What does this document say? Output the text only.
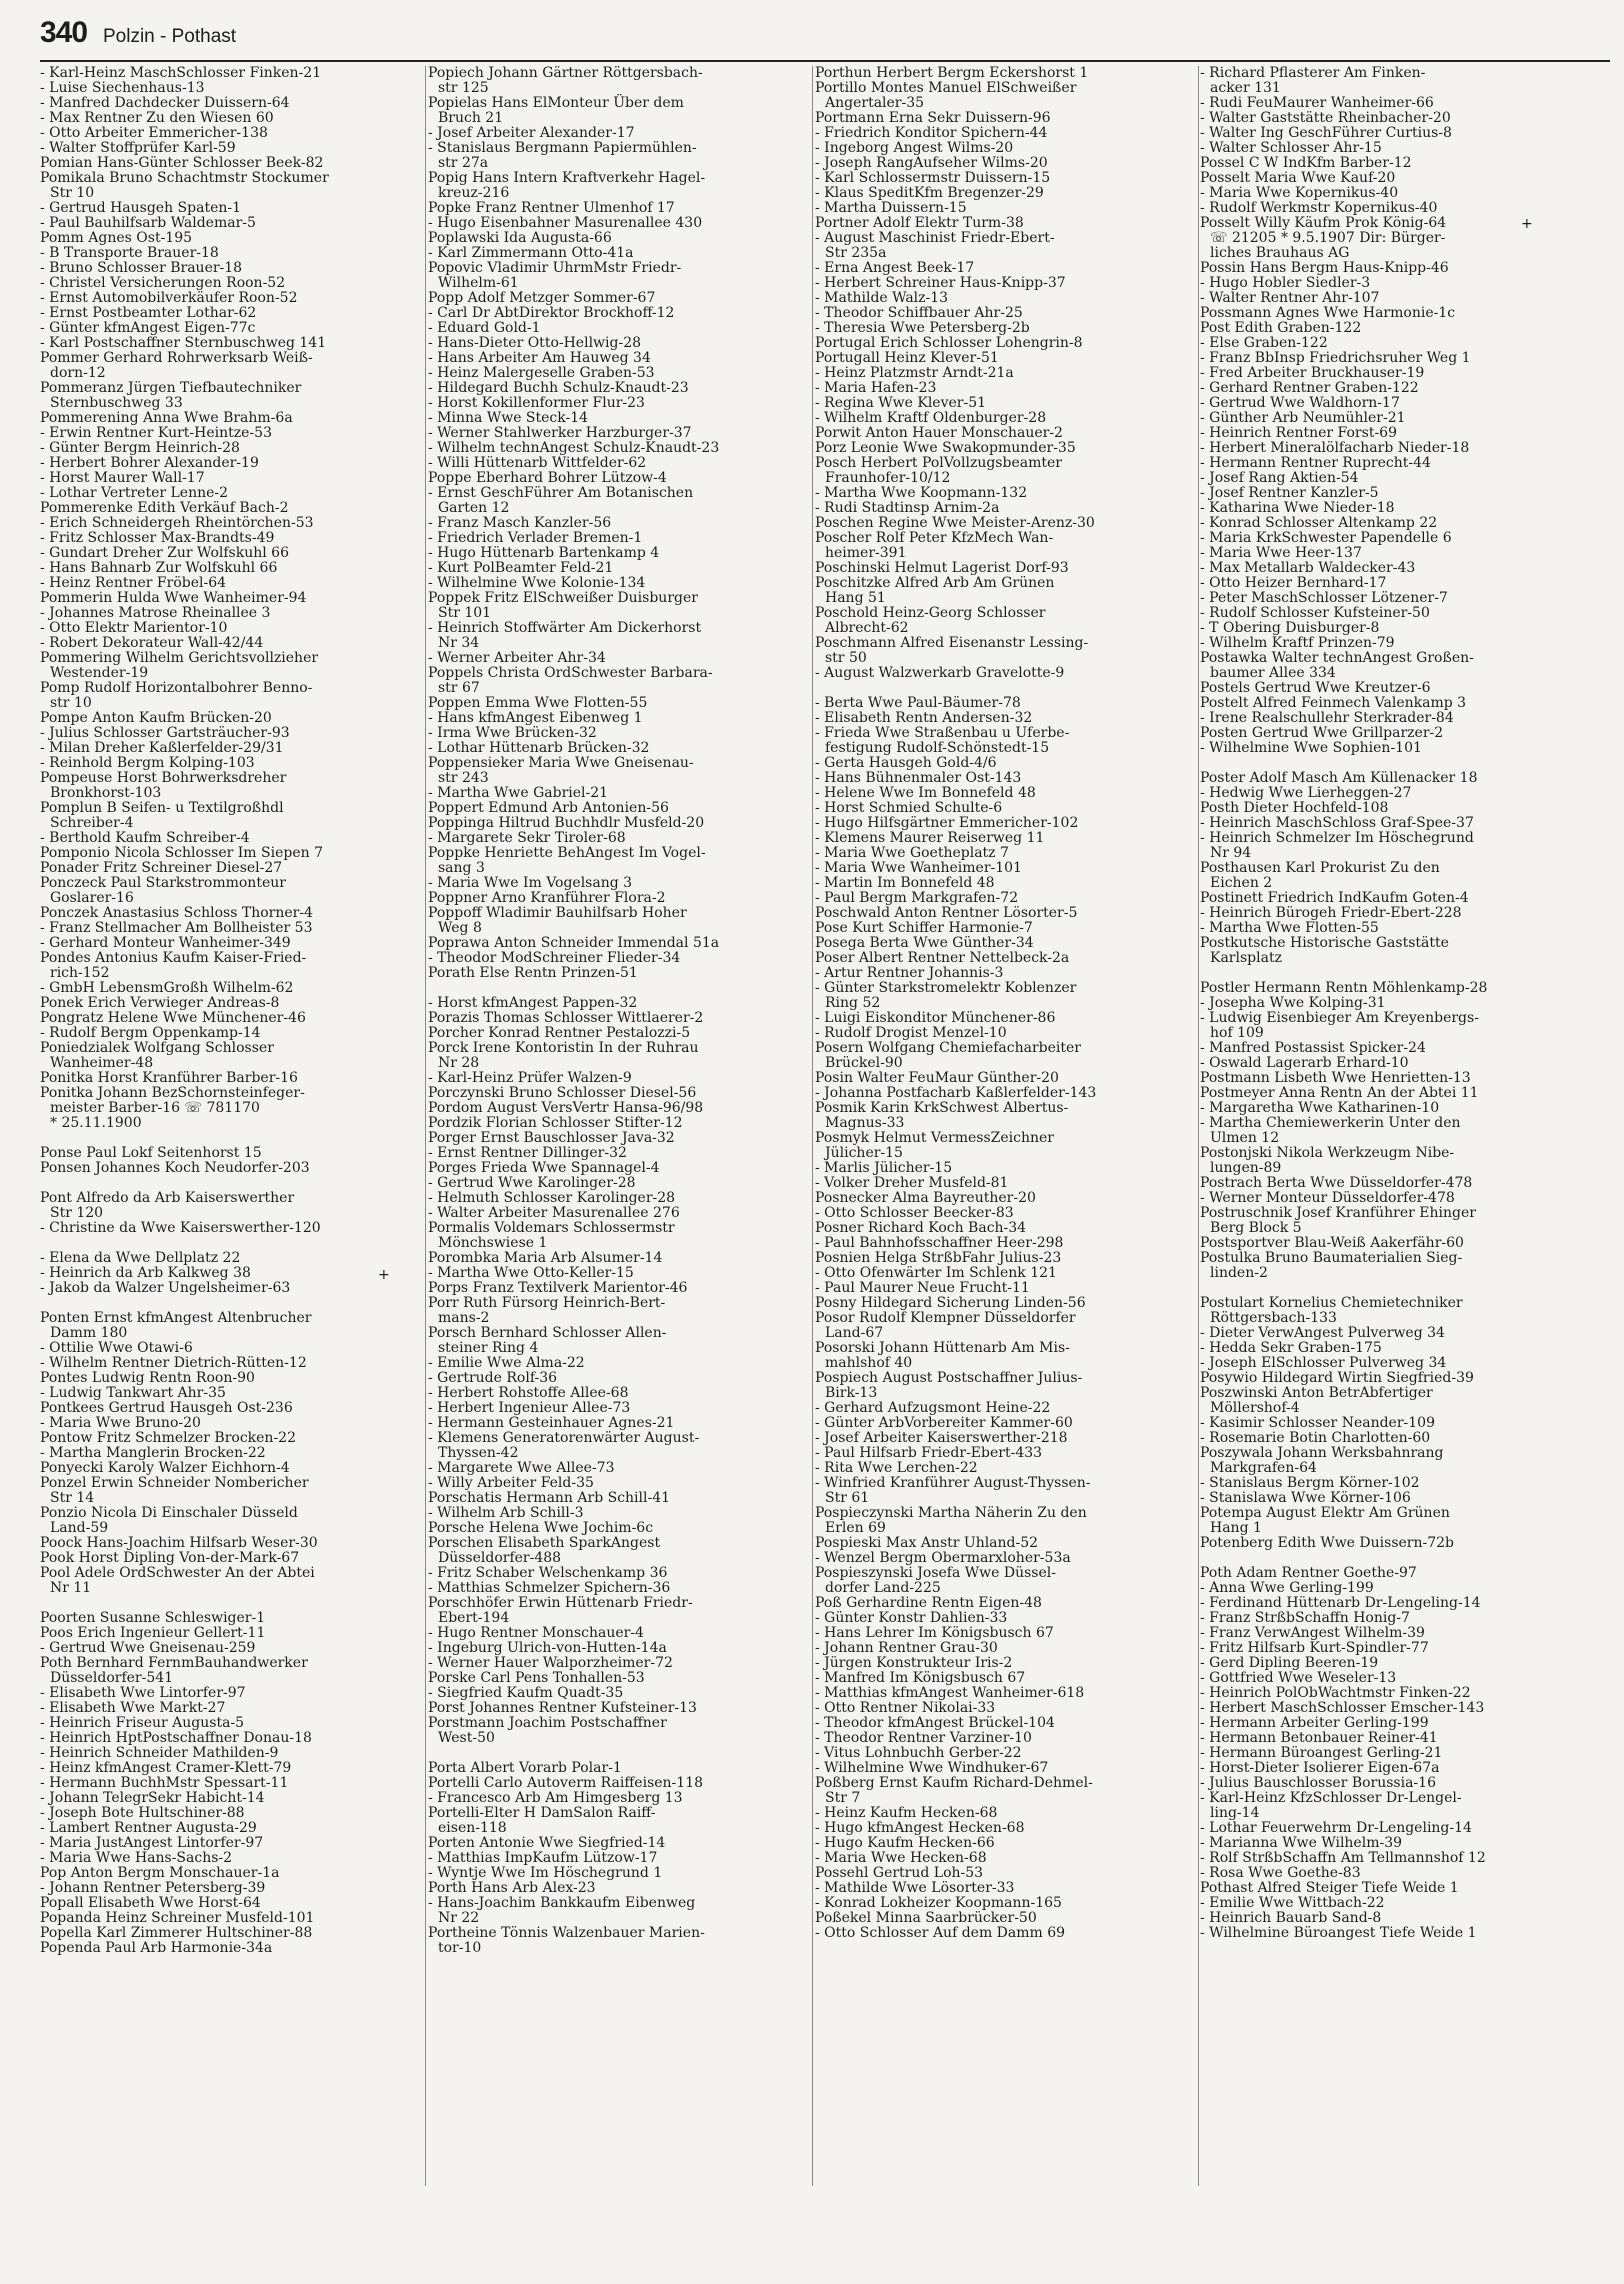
340 Polzin - Pothast
- Karl-Heinz MaschSchlosser Finken-21
- Luise Siechenhaus-13
- Manfred Dachdecker Duissern-64
- Max Rentner Zu den Wiesen 60
- Otto Arbeiter Emmericher-138
- Walter Stoffprüfer Karl-59
Pomian Hans-Günter Schlosser Beek-82
Pomikala Bruno Schachtmstr Stockumer
Str 10
- Gertrud Hausgeh Spaten-1
- Paul Bauhilfsarb Waldemar-5
Pomm Agnes Ost-195
- B Transporte Brauer-18
- Bruno Schlosser Brauer-18
- Christel Versicherungen Roon-52
- Ernst Automobilverkäufer Roon-52
- Ernst Postbeamter Lothar-62
- Günter kfmAngest Eigen-77c
- Karl Postschaffner Sternbuschweg 141
Pommer Gerhard Rohrwerksarb Weiß-
dorn-12
Pommeranz Jürgen Tiefbautechniker
Sternbuschweg 33
Pommerening Anna Wwe Brahm-6a
- Erwin Rentner Kurt-Heintze-53
- Günter Bergm Heinrich-28
- Herbert Bohrer Alexander-19
- Horst Maurer Wall-17
- Lothar Vertreter Lenne-2
Pommerenke Edith Verkäuf Bach-2
- Erich Schneidergeh Rheintörchen-53
- Fritz Schlosser Max-Brandts-49
- Gundart Dreher Zur Wolfskuhl 66
- Hans Bahnarb Zur Wolfskuhl 66
- Heinz Rentner Fröbel-64
Pommerin Hulda Wwe Wanheimer-94
- Johannes Matrose Rheinallee 3
- Otto Elektr Marientor-10
- Robert Dekorateur Wall-42/44
Pommering Wilhelm Gerichtsvollzieher
Westender-19
Pomp Rudolf Horizontalbohrer Benno-
str 10
Pompe Anton Kaufm Brücken-20
- Julius Schlosser Gartsträucher-93
- Milan Dreher Kaßlerfelder-29/31
- Reinhold Bergm Kolping-103
Pompeuse Horst Bohrwerksdreher
Bronkhorst-103
Pomplun B Seifen- u Textilgroßhdl
Schreiber-4
- Berthold Kaufm Schreiber-4
Pomponio Nicola Schlosser Im Siepen 7
Ponader Fritz Schreiner Diesel-27
Ponczeck Paul Starkstrommonteur
Goslarer-16
Ponczek Anastasius Schloss Thorner-4
- Franz Stellmacher Am Bollheister 53
- Gerhard Monteur Wanheimer-349
Pondes Antonius Kaufm Kaiser-Fried-
rich-152
- GmbH LebensmGroßh Wilhelm-62
Ponek Erich Verwieger Andreas-8
Pongratz Helene Wwe Münchener-46
- Rudolf Bergm Oppenkamp-14
Poniedzialek Wolfgang Schlosser
Wanheimer-48
Ponitka Horst Kranführer Barber-16
Ponitka Johann BezSchornsteinfeger-
meister Barber-16 ☏ 781170
* 25.11.1900
Ponse Paul Lokf Seitenhorst 15
Ponsen Johannes Koch Neudorfer-203
Pont Alfredo da Arb Kaiserswerther
Str 120
- Christine da Wwe Kaiserswerther-120
- Elena da Wwe Dellplatz 22
- Heinrich da Arb Kalkweg 38
- Jakob da Walzer Ungelsheimer-63
Ponten Ernst kfmAngest Altenbrucher
Damm 180
- Ottilie Wwe Otawi-6
- Wilhelm Rentner Dietrich-Rütten-12
Pontes Ludwig Rentn Roon-90
- Ludwig Tankwart Ahr-35
Pontkees Gertrud Hausgeh Ost-236
- Maria Wwe Bruno-20
Pontow Fritz Schmelzer Brocken-22
- Martha Manglerin Brocken-22
Ponyecki Karoly Walzer Eichhorn-4
Ponzel Erwin Schneider Nombericher
Str 14
Ponzio Nicola Di Einschaler Düsseld
Land-59
Poock Hans-Joachim Hilfsarb Weser-30
Pook Horst Dipling Von-der-Mark-67
Pool Adele OrdSchwester An der Abtei
Nr 11
Poorten Susanne Schleswiger-1
Poos Erich Ingenieur Gellert-11
- Gertrud Wwe Gneisenau-259
Poth Bernhard FernmBauhandwerker
Düsseldorfer-541
- Elisabeth Wwe Lintorfer-97
- Elisabeth Wwe Markt-27
- Heinrich Friseur Augusta-5
- Heinrich HptPostschaffner Donau-18
- Heinrich Schneider Mathilden-9
- Heinz kfmAngest Cramer-Klett-79
- Hermann BuchhMstr Spessart-11
- Johann TelegrSekr Habicht-14
- Joseph Bote Hultschiner-88
- Lambert Rentner Augusta-29
- Maria JustAngest Lintorfer-97
- Maria Wwe Hans-Sachs-2
Pop Anton Bergm Monschauer-1a
- Johann Rentner Petersberg-39
Popall Elisabeth Wwe Horst-64
Popanda Heinz Schreiner Musfeld-101
Popella Karl Zimmerer Hultschiner-88
Popenda Paul Arb Harmonie-34a
Popiech Johann Gärtner Röttgersbach-
str 125
Popielas Hans ElMonteur Über dem
Bruch 21
- Josef Arbeiter Alexander-17
- Stanislaus Bergmann Papiermühlen-
str 27a
Popig Hans Intern Kraftverkehr Hagel-
kreuz-216
Popke Franz Rentner Ulmenhof 17
- Hugo Eisenbahner Masurenallee 430
Poplawski Ida Augusta-66
- Karl Zimmermann Otto-41a
Popovic Vladimir UhrmMstr Friedr-
Wilhelm-61
Popp Adolf Metzger Sommer-67
- Carl Dr AbtDirektor Brockhoff-12
- Eduard Gold-1
- Hans-Dieter Otto-Hellwig-28
- Hans Arbeiter Am Hauweg 34
- Heinz Malergeselle Graben-53
- Hildegard Buchh Schulz-Knaudt-23
- Horst Kokillenformer Flur-23
- Minna Wwe Steck-14
- Werner Stahlwerker Harzburger-37
- Wilhelm technAngest Schulz-Knaudt-23
- Willi Hüttenarb Wittfelder-62
Poppe Eberhard Bohrer Lützow-4
- Ernst GeschFührer Am Botanischen
Garten 12
- Franz Masch Kanzler-56
- Friedrich Verlader Bremen-1
- Hugo Hüttenarb Bartenkamp 4
- Kurt PolBeamter Feld-21
- Wilhelmine Wwe Kolonie-134
Poppek Fritz ElSchweißer Duisburger
Str 101
- Heinrich Stoffwärter Am Dickerhorst
Nr 34
- Werner Arbeiter Ahr-34
Poppels Christa OrdSchwester Barbara-
str 67
Poppen Emma Wwe Flotten-55
- Hans kfmAngest Eibenweg 1
- Irma Wwe Brücken-32
- Lothar Hüttenarb Brücken-32
Poppensieker Maria Wwe Gneisenau-
str 243
- Martha Wwe Gabriel-21
Poppert Edmund Arb Antonien-56
Poppinga Hiltrud Buchhdlr Musfeld-20
- Margarete Sekr Tiroler-68
Poppke Henriette BehAngest Im Vogel-
sang 3
- Maria Wwe Im Vogelsang 3
Poppner Arno Kranführer Flora-2
Poppoff Wladimir Bauhilfsarb Hoher
Weg 8
Poprawa Anton Schneider Immendal 51a
- Theodor ModSchreiner Flieder-34
Porath Else Rentn Prinzen-51
- Horst kfmAngest Pappen-32
Porazis Thomas Schlosser Wittlaerer-2
Porcher Konrad Rentner Pestalozzi-5
Porck Irene Kontoristin In der Ruhrau
Nr 28
- Karl-Heinz Prüfer Walzen-9
Porczynski Bruno Schlosser Diesel-56
Pordom August VersVertr Hansa-96/98
Pordzik Florian Schlosser Stifter-12
Porger Ernst Bauschlosser Java-32
- Ernst Rentner Dillinger-32
Porges Frieda Wwe Spannagel-4
- Gertrud Wwe Karolinger-28
- Helmuth Schlosser Karolinger-28
- Walter Arbeiter Masurenallee 276
Pormalis Voldemars Schlossermstr
Mönchswiese 1
Porombka Maria Arb Alsumer-14
- Martha Wwe Otto-Keller-15
Porps Franz Textilverk Marientor-46
Porr Ruth Fürsorg Heinrich-Bert-
mans-2
Porsch Bernhard Schlosser Allen-
steiner Ring 4
- Emilie Wwe Alma-22
- Gertrude Rolf-36
- Herbert Rohstoffe Allee-68
- Herbert Ingenieur Allee-73
- Hermann Gesteinhauer Agnes-21
- Klemens Generatorenwärter August-
Thyssen-42
- Margarete Wwe Allee-73
- Willy Arbeiter Feld-35
Porschatis Hermann Arb Schill-41
- Wilhelm Arb Schill-3
Porsche Helena Wwe Jochim-6c
Porschen Elisabeth SparkAngest
Düsseldorfer-488
- Fritz Schaber Welschenkamp 36
- Matthias Schmelzer Spichern-36
Porschhöfer Erwin Hüttenarb Friedr-
Ebert-194
- Hugo Rentner Monschauer-4
- Ingeburg Ulrich-von-Hutten-14a
- Werner Hauer Walporzheimer-72
Porske Carl Pens Tonhallen-53
- Siegfried Kaufm Quadt-35
Porst Johannes Rentner Kufsteiner-13
Porstmann Joachim Postschaffner
West-50
Porta Albert Vorarb Polar-1
Portelli Carlo Autoverm Raiffeisen-118
- Francesco Arb Am Himgesberg 13
Portelli-Elter H DamSalon Raiff-
eisen-118
Porten Antonie Wwe Siegfried-14
- Matthias ImpKaufm Lützow-17
- Wyntje Wwe Im Höschegrund 1
Porth Hans Arb Alex-23
- Hans-Joachim Bankkaufm Eibenweg
Nr 22
Portheine Tönnis Walzenbauer Marien-
tor-10
Porthun Herbert Bergm Eckershorst 1
Portillo Montes Manuel ElSchweißer
Angertaler-35
Portmann Erna Sekr Duissern-96
- Friedrich Konditor Spichern-44
- Ingeborg Angest Wilms-20
- Joseph RangAufseher Wilms-20
- Karl Schlossermstr Duissern-15
- Klaus SpeditKfm Bregenzer-29
- Martha Duissern-15
Portner Adolf Elektr Turm-38
- August Maschinist Friedr-Ebert-
Str 235a
- Erna Angest Beek-17
- Herbert Schreiner Haus-Knipp-37
- Mathilde Walz-13
- Theodor Schiffbauer Ahr-25
- Theresia Wwe Petersberg-2b
Portugal Erich Schlosser Lohengrin-8
Portugall Heinz Klever-51
- Heinz Platzmstr Arndt-21a
- Maria Hafen-23
- Regina Wwe Klever-51
- Wilhelm Kraftf Oldenburger-28
Porwit Anton Hauer Monschauer-2
Porz Leonie Wwe Swakopmunder-35
Posch Herbert PolVollzugsbeamter
Fraunhofer-10/12
- Martha Wwe Koopmann-132
- Rudi Stadtinsp Arnim-2a
Poschen Regine Wwe Meister-Arenz-30
Poscher Rolf Peter KfzMech Wan-
heimer-391
Poschinski Helmut Lagerist Dorf-93
Poschitzke Alfred Arb Am Grünen
Hang 51
Poschold Heinz-Georg Schlosser
Albrecht-62
Poschmann Alfred Eisenanstr Lessing-
str 50
- August Walzwerkarb Gravelotte-9
- Berta Wwe Paul-Bäumer-78
- Elisabeth Rentn Andersen-32
- Frieda Wwe Straßenbau u Uferbe-
festigung Rudolf-Schönstedt-15
- Gerta Hausgeh Gold-4/6
- Hans Bühnenmaler Ost-143
- Helene Wwe Im Bonnefeld 48
- Horst Schmied Schulte-6
- Hugo Hilfsgärtner Emmericher-102
- Klemens Maurer Reiserweg 11
- Maria Wwe Goetheplatz 7
- Maria Wwe Wanheimer-101
- Martin Im Bonnefeld 48
- Paul Bergm Markgrafen-72
Poschwald Anton Rentner Lösorter-5
Pose Kurt Schiffer Harmonie-7
Posega Berta Wwe Günther-34
Poser Albert Rentner Nettelbeck-2a
- Artur Rentner Johannis-3
- Günter Starkstromelektr Koblenzer
Ring 52
- Luigi Eiskonditor Münchener-86
- Rudolf Drogist Menzel-10
Posern Wolfgang Chemiefacharbeiter
Brückel-90
Posin Walter FeuMaur Günther-20
- Johanna Postfacharb Kaßlerfelder-143
Posmik Karin KrkSchwest Albertus-
Magnus-33
Posmyk Helmut VermessZeichner
Jülicher-15
- Marlis Jülicher-15
- Volker Dreher Musfeld-81
Posnecker Alma Bayreuther-20
- Otto Schlosser Beecker-83
Posner Richard Koch Bach-34
- Paul Bahnhofsschaffner Heer-298
Posnien Helga StrßbFahr Julius-23
- Otto Ofenwärter Im Schlenk 121
- Paul Maurer Neue Frucht-11
Posny Hildegard Sicherung Linden-56
Posor Rudolf Klempner Düsseldorfer
Land-67
Posorski Johann Hüttenarb Am Mis-
mahlshof 40
Pospiech August Postschaffner Julius-
Birk-13
- Gerhard Aufzugsmont Heine-22
- Günter ArbVorbereiter Kammer-60
- Josef Arbeiter Kaiserswerther-218
- Paul Hilfsarb Friedr-Ebert-433
- Rita Wwe Lerchen-22
- Winfried Kranführer August-Thyssen-
Str 61
Pospieczynski Martha Näherin Zu den
Erlen 69
Pospieski Max Anstr Uhland-52
- Wenzel Bergm Obermarxloher-53a
Pospieszynski Josefa Wwe Düssel-
dorfer Land-225
Poß Gerhardine Rentn Eigen-48
- Günter Konstr Dahlien-33
- Hans Lehrer Im Königsbusch 67
- Johann Rentner Grau-30
- Jürgen Konstrukteur Iris-2
- Manfred Im Königsbusch 67
- Matthias kfmAngest Wanheimer-618
- Otto Rentner Nikolai-33
- Theodor kfmAngest Brückel-104
- Theodor Rentner Varziner-10
- Vitus Lohnbuchh Gerber-22
- Wilhelmine Wwe Windhuker-67
Poßberg Ernst Kaufm Richard-Dehmel-
Str 7
- Heinz Kaufm Hecken-68
- Hugo kfmAngest Hecken-68
- Hugo Kaufm Hecken-66
- Maria Wwe Hecken-68
Possehl Gertrud Loh-53
- Mathilde Wwe Lösorter-33
- Konrad Lokheizer Koopmann-165
Poßekel Minna Saarbrücker-50
- Otto Schlosser Auf dem Damm 69
- Richard Pflasterer Am Finken-
acker 131
- Rudi FeuMaurer Wanheimer-66
- Walter Gaststätte Rheinbacher-20
- Walter Ing GeschFührer Curtius-8
- Walter Schlosser Ahr-15
Possel C W IndKfm Barber-12
Posselt Maria Wwe Kauf-20
- Maria Wwe Kopernikus-40
- Rudolf Werkmstr Kopernikus-40
Posselt Willy Käufm Prok König-64
☏ 21205 * 9.5.1907 Dir: Bürger-
liches Brauhaus AG
Possin Hans Bergm Haus-Knipp-46
- Hugo Hobler Siedler-3
- Walter Rentner Ahr-107
Possmann Agnes Wwe Harmonie-1c
Post Edith Graben-122
- Else Graben-122
- Franz BbInsp Friedrichsruher Weg 1
- Fred Arbeiter Bruckhauser-19
- Gerhard Rentner Graben-122
- Gertrud Wwe Waldhorn-17
- Günther Arb Neumühler-21
- Heinrich Rentner Forst-69
- Herbert Mineralölfacharb Nieder-18
- Hermann Rentner Ruprecht-44
- Josef Rang Aktien-54
- Josef Rentner Kanzler-5
- Katharina Wwe Nieder-18
- Konrad Schlosser Altenkamp 22
- Maria KrkSchwester Papendelle 6
- Maria Wwe Heer-137
- Max Metallarb Waldecker-43
- Otto Heizer Bernhard-17
- Peter MaschSchlosser Lötzener-7
- Rudolf Schlosser Kufsteiner-50
- T Obering Duisburger-8
- Wilhelm Kraftf Prinzen-79
Postawka Walter technAngest Großen-
baumer Allee 334
Postels Gertrud Wwe Kreutzer-6
Postelt Alfred Feinmech Valenkamp 3
- Irene Realschullehr Sterkrader-84
Posten Gertrud Wwe Grillparzer-2
- Wilhelmine Wwe Sophien-101
Poster Adolf Masch Am Küllenacker 18
- Hedwig Wwe Lierheggen-27
Posth Dieter Hochfeld-108
- Heinrich MaschSchloss Graf-Spee-37
- Heinrich Schmelzer Im Höschegrund
Nr 94
Posthausen Karl Prokurist Zu den
Eichen 2
Postinett Friedrich IndKaufm Goten-4
- Heinrich Bürogeh Friedr-Ebert-228
- Martha Wwe Flotten-55
Postkutsche Historische Gaststätte
Karlsplatz
Postler Hermann Rentn Möhlenkamp-28
- Josepha Wwe Kolping-31
- Ludwig Eisenbieger Am Kreyenbergs-
hof 109
- Manfred Postassist Spicker-24
- Oswald Lagerarb Erhard-10
Postmann Lisbeth Wwe Henrietten-13
Postmeyer Anna Rentn An der Abtei 11
- Margaretha Wwe Katharinen-10
- Martha Chemiewerkerin Unter den
Ulmen 12
Postonjski Nikola Werkzeugm Nibe-
lungen-89
Postrach Berta Wwe Düsseldorfer-478
- Werner Monteur Düsseldorfer-478
Postruschnik Josef Kranführer Ehinger
Berg Block 5
Postsportver Blau-Weiß Aakerfähr-60
Postulka Bruno Baumaterialien Sieg-
linden-2
Postulart Kornelius Chemietechniker
Röttgersbach-133
- Dieter VerwAngest Pulverweg 34
- Hedda Sekr Graben-175
- Joseph ElSchlosser Pulverweg 34
Posywio Hildegard Wirtin Siegfried-39
Poszwinski Anton BetrAbfertiger
Möllershof-4
- Kasimir Schlosser Neander-109
- Rosemarie Botin Charlotten-60
Poszywala Johann Werksbahnrang
Markgrafen-64
- Stanislaus Bergm Körner-102
- Stanislawa Wwe Körner-106
Potempa August Elektr Am Grünen
Hang 1
Potenberg Edith Wwe Duissern-72b
Poth Adam Rentner Goethe-97
- Anna Wwe Gerling-199
- Ferdinand Hüttenarb Dr-Lengeling-14
- Franz StrßbSchaffn Honig-7
- Franz VerwAngest Wilhelm-39
- Fritz Hilfsarb Kurt-Spindler-77
- Gerd Dipling Beeren-19
- Gottfried Wwe Weseler-13
- Heinrich PolObWachtmstr Finken-22
- Herbert MaschSchlosser Emscher-143
- Hermann Arbeiter Gerling-199
- Hermann Betonbauer Reiner-41
- Hermann Büroangest Gerling-21
- Horst-Dieter Isolierer Eigen-67a
- Julius Bauschlosser Borussia-16
- Karl-Heinz KfzSchlosser Dr-Lengel-
ling-14
- Lothar Feuerwehrm Dr-Lengeling-14
- Marianna Wwe Wilhelm-39
- Rolf StrßbSchaffn Am Tellmannshof 12
- Rosa Wwe Goethe-83
Pothast Alfred Steiger Tiefe Weide 1
- Emilie Wwe Wittbach-22
- Heinrich Bauarb Sand-8
- Wilhelmine Büroangest Tiefe Weide 1
+
+
